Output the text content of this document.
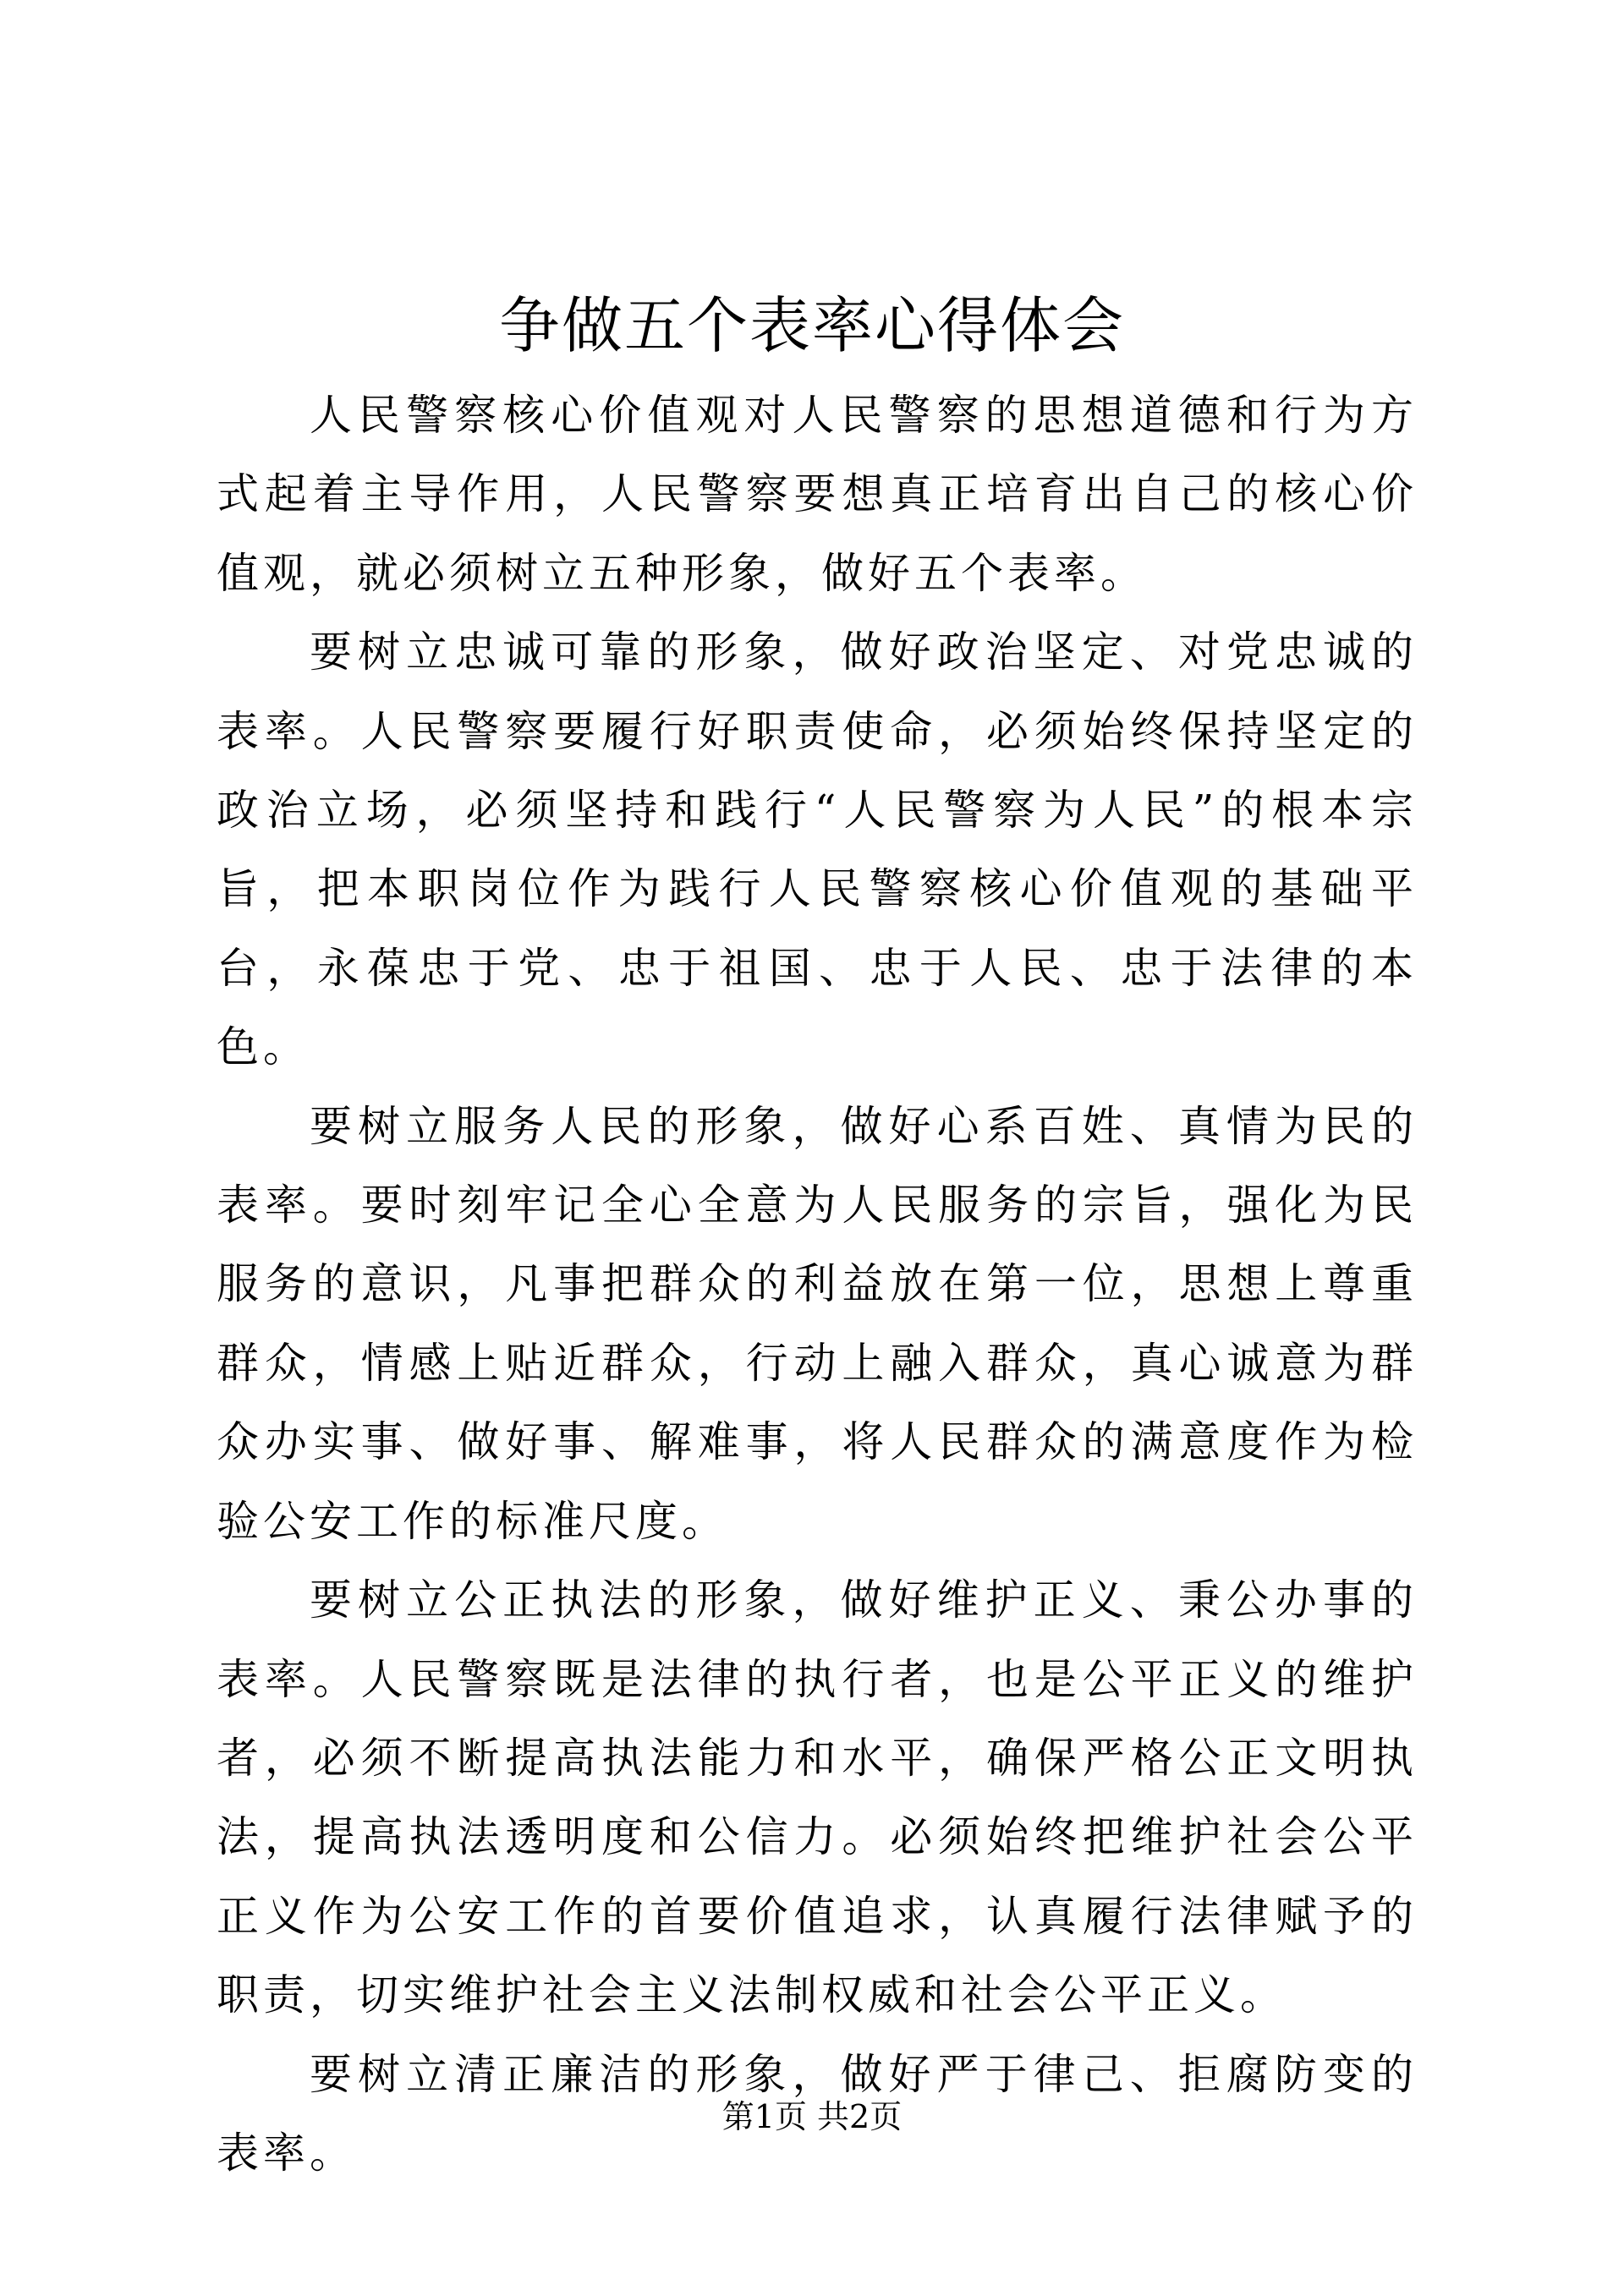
争做五个表率心得体会

人民警察核心价值观对人民警察的思想道德和行为方式起着主导作用，人民警察要想真正培育出自己的核心价值观，就必须树立五种形象，做好五个表率。

要树立忠诚可靠的形象，做好政治坚定、对党忠诚的表率。人民警察要履行好职责使命，必须始终保持坚定的政治立场，必须坚持和践行“人民警察为人民”的根本宗旨，把本职岗位作为践行人民警察核心价值观的基础平台，永葆忠于党、忠于祖国、忠于人民、忠于法律的本色。

要树立服务人民的形象，做好心系百姓、真情为民的表率。要时刻牢记全心全意为人民服务的宗旨，强化为民服务的意识，凡事把群众的利益放在第一位，思想上尊重群众，情感上贴近群众，行动上融入群众，真心诚意为群众办实事、做好事、解难事，将人民群众的满意度作为检验公安工作的标准尺度。

要树立公正执法的形象，做好维护正义、秉公办事的表率。人民警察既是法律的执行者，也是公平正义的维护者，必须不断提高执法能力和水平，确保严格公正文明执法，提高执法透明度和公信力。必须始终把维护社会公平正义作为公安工作的首要价值追求，认真履行法律赋予的职责，切实维护社会主义法制权威和社会公平正义。

要树立清正廉洁的形象，做好严于律己、拒腐防变的表率。

第1页 共2页
